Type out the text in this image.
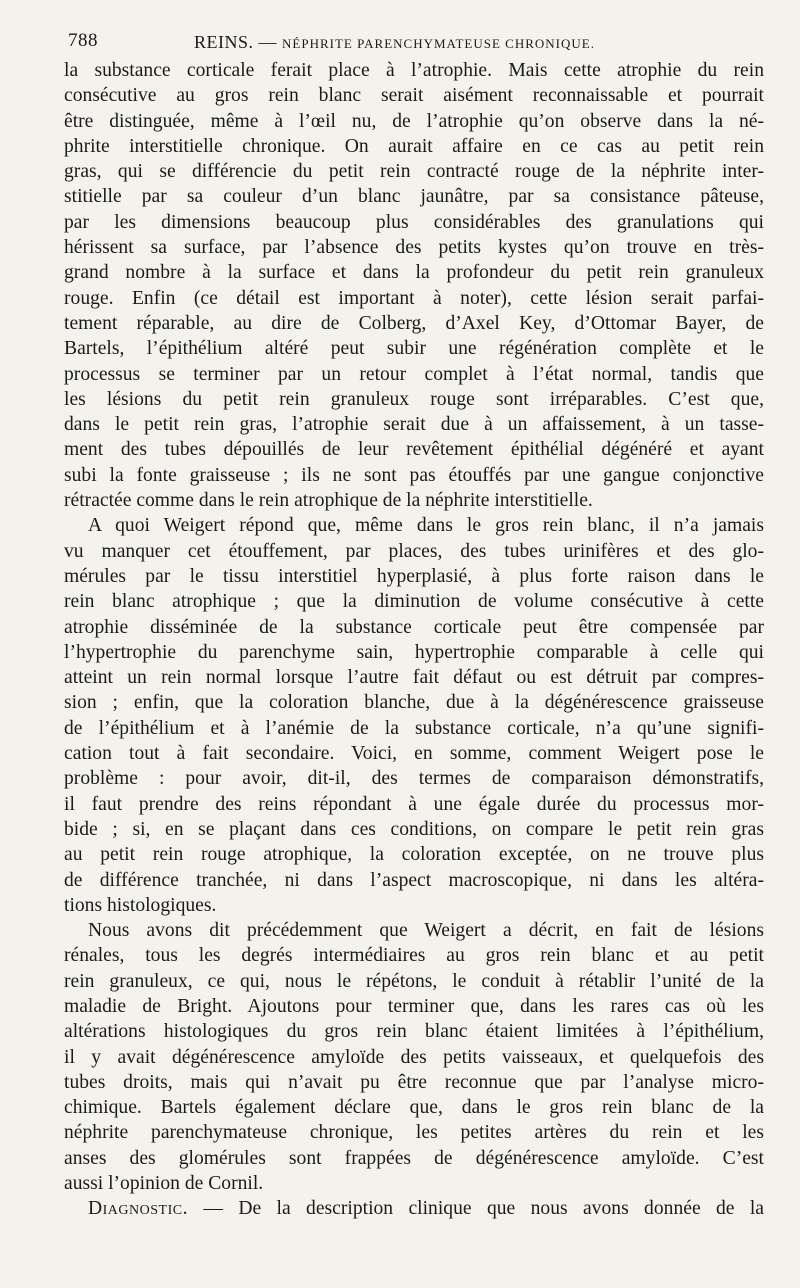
788	REINS. — NÉPHRITE PARENCHYMATEUSE CHRONIQUE.
la substance corticale ferait place à l’atrophie. Mais cette atrophie du rein
consécutive au gros rein blanc serait aisément reconnaissable et pourrait
être distinguée, même à l’œil nu, de l’atrophie qu’on observe dans la né-
phrite interstitielle chronique. On aurait affaire en ce cas au petit rein
gras, qui se différencie du petit rein contracté rouge de la néphrite inter-
stitielle par sa couleur d’un blanc jaunâtre, par sa consistance pâteuse,
par les dimensions beaucoup plus considérables des granulations qui
hérissent sa surface, par l’absence des petits kystes qu’on trouve en très-
grand nombre à la surface et dans la profondeur du petit rein granuleux
rouge. Enfin (ce détail est important à noter), cette lésion serait parfai-
tement réparable, au dire de Colberg, d’Axel Key, d’Ottomar Bayer, de
Bartels, l’épithélium altéré peut subir une régénération complète et le
processus se terminer par un retour complet à l’état normal, tandis que
les lésions du petit rein granuleux rouge sont irréparables. C’est que,
dans le petit rein gras, l’atrophie serait due à un affaissement, à un tasse-
ment des tubes dépouillés de leur revêtement épithélial dégénéré et ayant
subi la fonte graisseuse ; ils ne sont pas étouffés par une gangue conjonctive
rétractée comme dans le rein atrophique de la néphrite interstitielle.
A quoi Weigert répond que, même dans le gros rein blanc, il n’a jamais
vu manquer cet étouffement, par places, des tubes urinifères et des glo-
mérules par le tissu interstitiel hyperplasié, à plus forte raison dans le
rein blanc atrophique ; que la diminution de volume consécutive à cette
atrophie disséminée de la substance corticale peut être compensée par
l’hypertrophie du parenchyme sain, hypertrophie comparable à celle qui
atteint un rein normal lorsque l’autre fait défaut ou est détruit par compres-
sion ; enfin, que la coloration blanche, due à la dégénérescence graisseuse
de l’épithélium et à l’anémie de la substance corticale, n’a qu’une signifi-
cation tout à fait secondaire. Voici, en somme, comment Weigert pose le
problème : pour avoir, dit-il, des termes de comparaison démonstratifs,
il faut prendre des reins répondant à une égale durée du processus mor-
bide ; si, en se plaçant dans ces conditions, on compare le petit rein gras
au petit rein rouge atrophique, la coloration exceptée, on ne trouve plus
de différence tranchée, ni dans l’aspect macroscopique, ni dans les altéra-
tions histologiques.
Nous avons dit précédemment que Weigert a décrit, en fait de lésions
rénales, tous les degrés intermédiaires au gros rein blanc et au petit
rein granuleux, ce qui, nous le répétons, le conduit à rétablir l’unité de la
maladie de Bright. Ajoutons pour terminer que, dans les rares cas où les
altérations histologiques du gros rein blanc étaient limitées à l’épithélium,
il y avait dégénérescence amyloïde des petits vaisseaux, et quelquefois des
tubes droits, mais qui n’avait pu être reconnue que par l’analyse micro-
chimique. Bartels également déclare que, dans le gros rein blanc de la
néphrite parenchymateuse chronique, les petites artères du rein et les
anses des glomérules sont frappées de dégénérescence amyloïde. C’est
aussi l’opinion de Cornil.
Diagnostic. — De la description clinique que nous avons donnée de la
